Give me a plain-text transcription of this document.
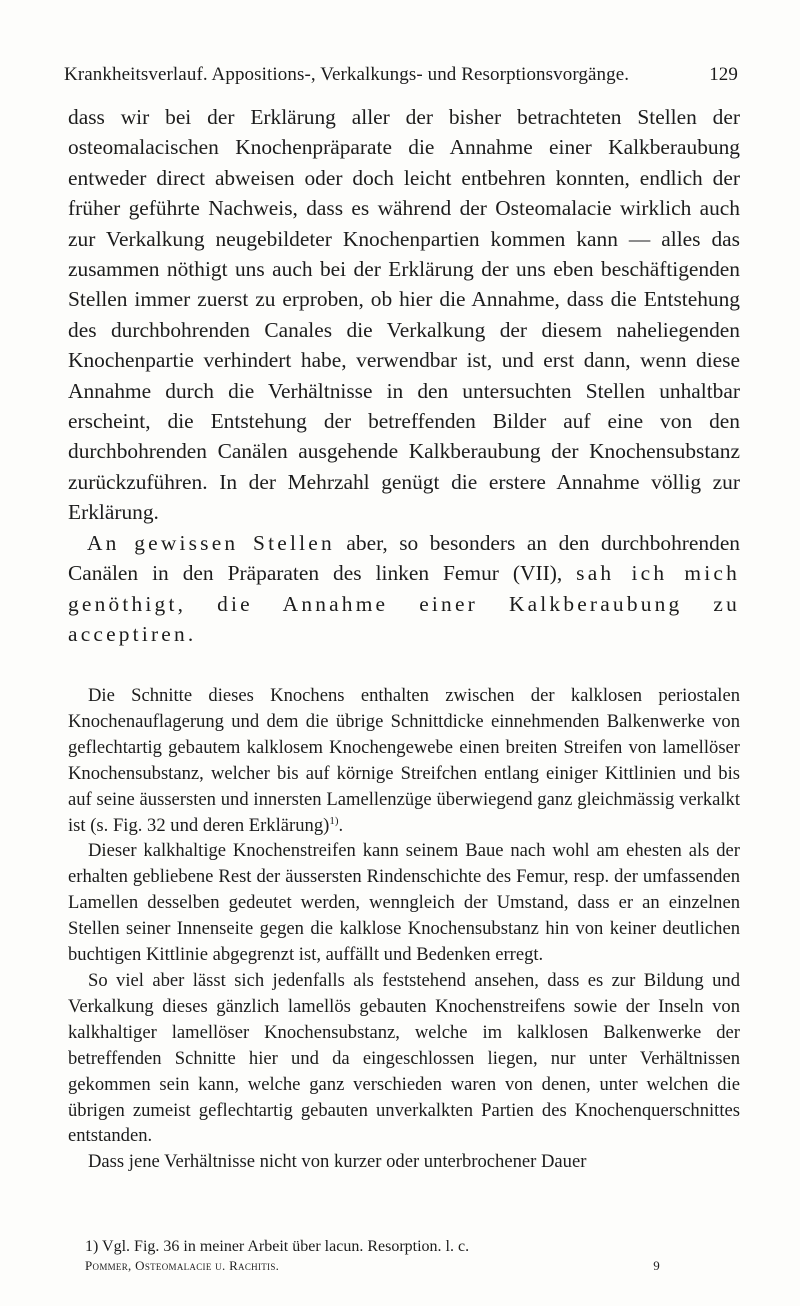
Krankheitsverlauf. Appositions-, Verkalkungs- und Resorptionsvorgänge.	129

dass wir bei der Erklärung aller der bisher betrachteten Stellen der osteomalacischen Knochenpräparate die Annahme einer Kalkberaubung entweder direct abweisen oder doch leicht entbehren konnten, endlich der früher geführte Nachweis, dass es während der Osteomalacie wirklich auch zur Verkalkung neugebildeter Knochenpartien kommen kann — alles das zusammen nöthigt uns auch bei der Erklärung der uns eben beschäftigenden Stellen immer zuerst zu erproben, ob hier die Annahme, dass die Entstehung des durchbohrenden Canales die Verkalkung der diesem naheliegenden Knochenpartie verhindert habe, verwendbar ist, und erst dann, wenn diese Annahme durch die Verhältnisse in den untersuchten Stellen unhaltbar erscheint, die Entstehung der betreffenden Bilder auf eine von den durchbohrenden Canälen ausgehende Kalkberaubung der Knochensubstanz zurückzuführen. In der Mehrzahl genügt die erstere Annahme völlig zur Erklärung.

An gewissen Stellen aber, so besonders an den durchbohrenden Canälen in den Präparaten des linken Femur (VII), sah ich mich genöthigt, die Annahme einer Kalkberaubung zu acceptiren.

Die Schnitte dieses Knochens enthalten zwischen der kalklosen periostalen Knochenauflagerung und dem die übrige Schnittdicke einnehmenden Balkenwerke von geflechtartig gebautem kalklosem Knochengewebe einen breiten Streifen von lamellöser Knochensubstanz, welcher bis auf körnige Streifchen entlang einiger Kittlinien und bis auf seine äussersten und innersten Lamellenzüge überwiegend ganz gleichmässig verkalkt ist (s. Fig. 32 und deren Erklärung)$^{1)}$.

Dieser kalkhaltige Knochenstreifen kann seinem Baue nach wohl am ehesten als der erhalten gebliebene Rest der äussersten Rindenschichte des Femur, resp. der umfassenden Lamellen desselben gedeutet werden, wenngleich der Umstand, dass er an einzelnen Stellen seiner Innenseite gegen die kalklose Knochensubstanz hin von keiner deutlichen buchtigen Kittlinie abgegrenzt ist, auffällt und Bedenken erregt.

So viel aber lässt sich jedenfalls als feststehend ansehen, dass es zur Bildung und Verkalkung dieses gänzlich lamellös gebauten Knochenstreifens sowie der Inseln von kalkhaltiger lamellöser Knochensubstanz, welche im kalklosen Balkenwerke der betreffenden Schnitte hier und da eingeschlossen liegen, nur unter Verhältnissen gekommen sein kann, welche ganz verschieden waren von denen, unter welchen die übrigen zumeist geflechtartig gebauten unverkalkten Partien des Knochenquerschnittes entstanden.

Dass jene Verhältnisse nicht von kurzer oder unterbrochener Dauer

1) Vgl. Fig. 36 in meiner Arbeit über lacun. Resorption. l. c.
Pommer, Osteomalacie u. Rachitis.	9
